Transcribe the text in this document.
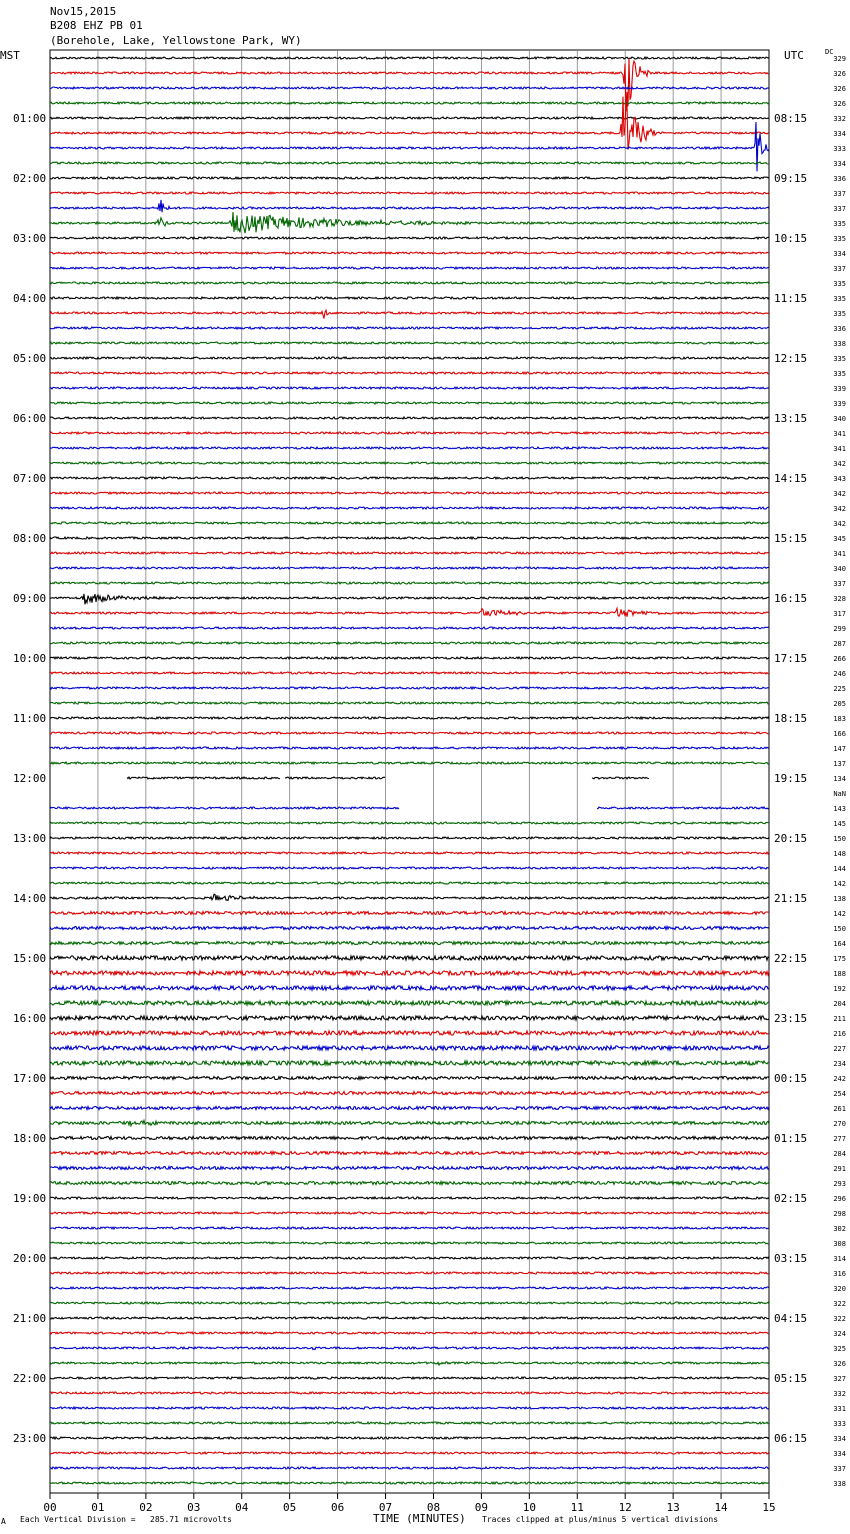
Nov15,2015
B208 EHZ PB 01
(Borehole, Lake, Yellowstone Park, WY)
MST	UTC	DC
329
326
326
326
332
334
333
334
336
337
337
335
335
334
337
335
335
335
336
338
335
335
339
339
340
341
341
342
343
342
342
342
345
341
340
337
328
317
299
287
266
246
225
205
183
166
147
137
134
NaN
143
145
150
148
144
142
138
142
150
164
175
188
192
204
211
216
227
234
242
254
261
270
277
284
291
293
296
298
302
308
314
316
320
322
322
324
325
326
327
332
331
333
334
334
337
338
01:00
02:00
03:00
04:00
05:00
06:00
07:00
08:00
09:00
10:00
11:00
12:00
13:00
14:00
15:00
16:00
17:00
18:00
19:00
20:00
21:00
22:00
23:00
08:15
09:15
10:15
11:15
12:15
13:15
14:15
15:15
16:15
17:15
18:15
19:15
20:15
21:15
22:15
23:15
00:15
01:15
02:15
03:15
04:15
05:15
06:15
00	01	02	03	04	05	06	07	08	09	10	11	12	13	14	15
A Each Vertical Division =   285.71 microvolts	TIME (MINUTES) Traces clipped at plus/minus 5 vertical divisions
